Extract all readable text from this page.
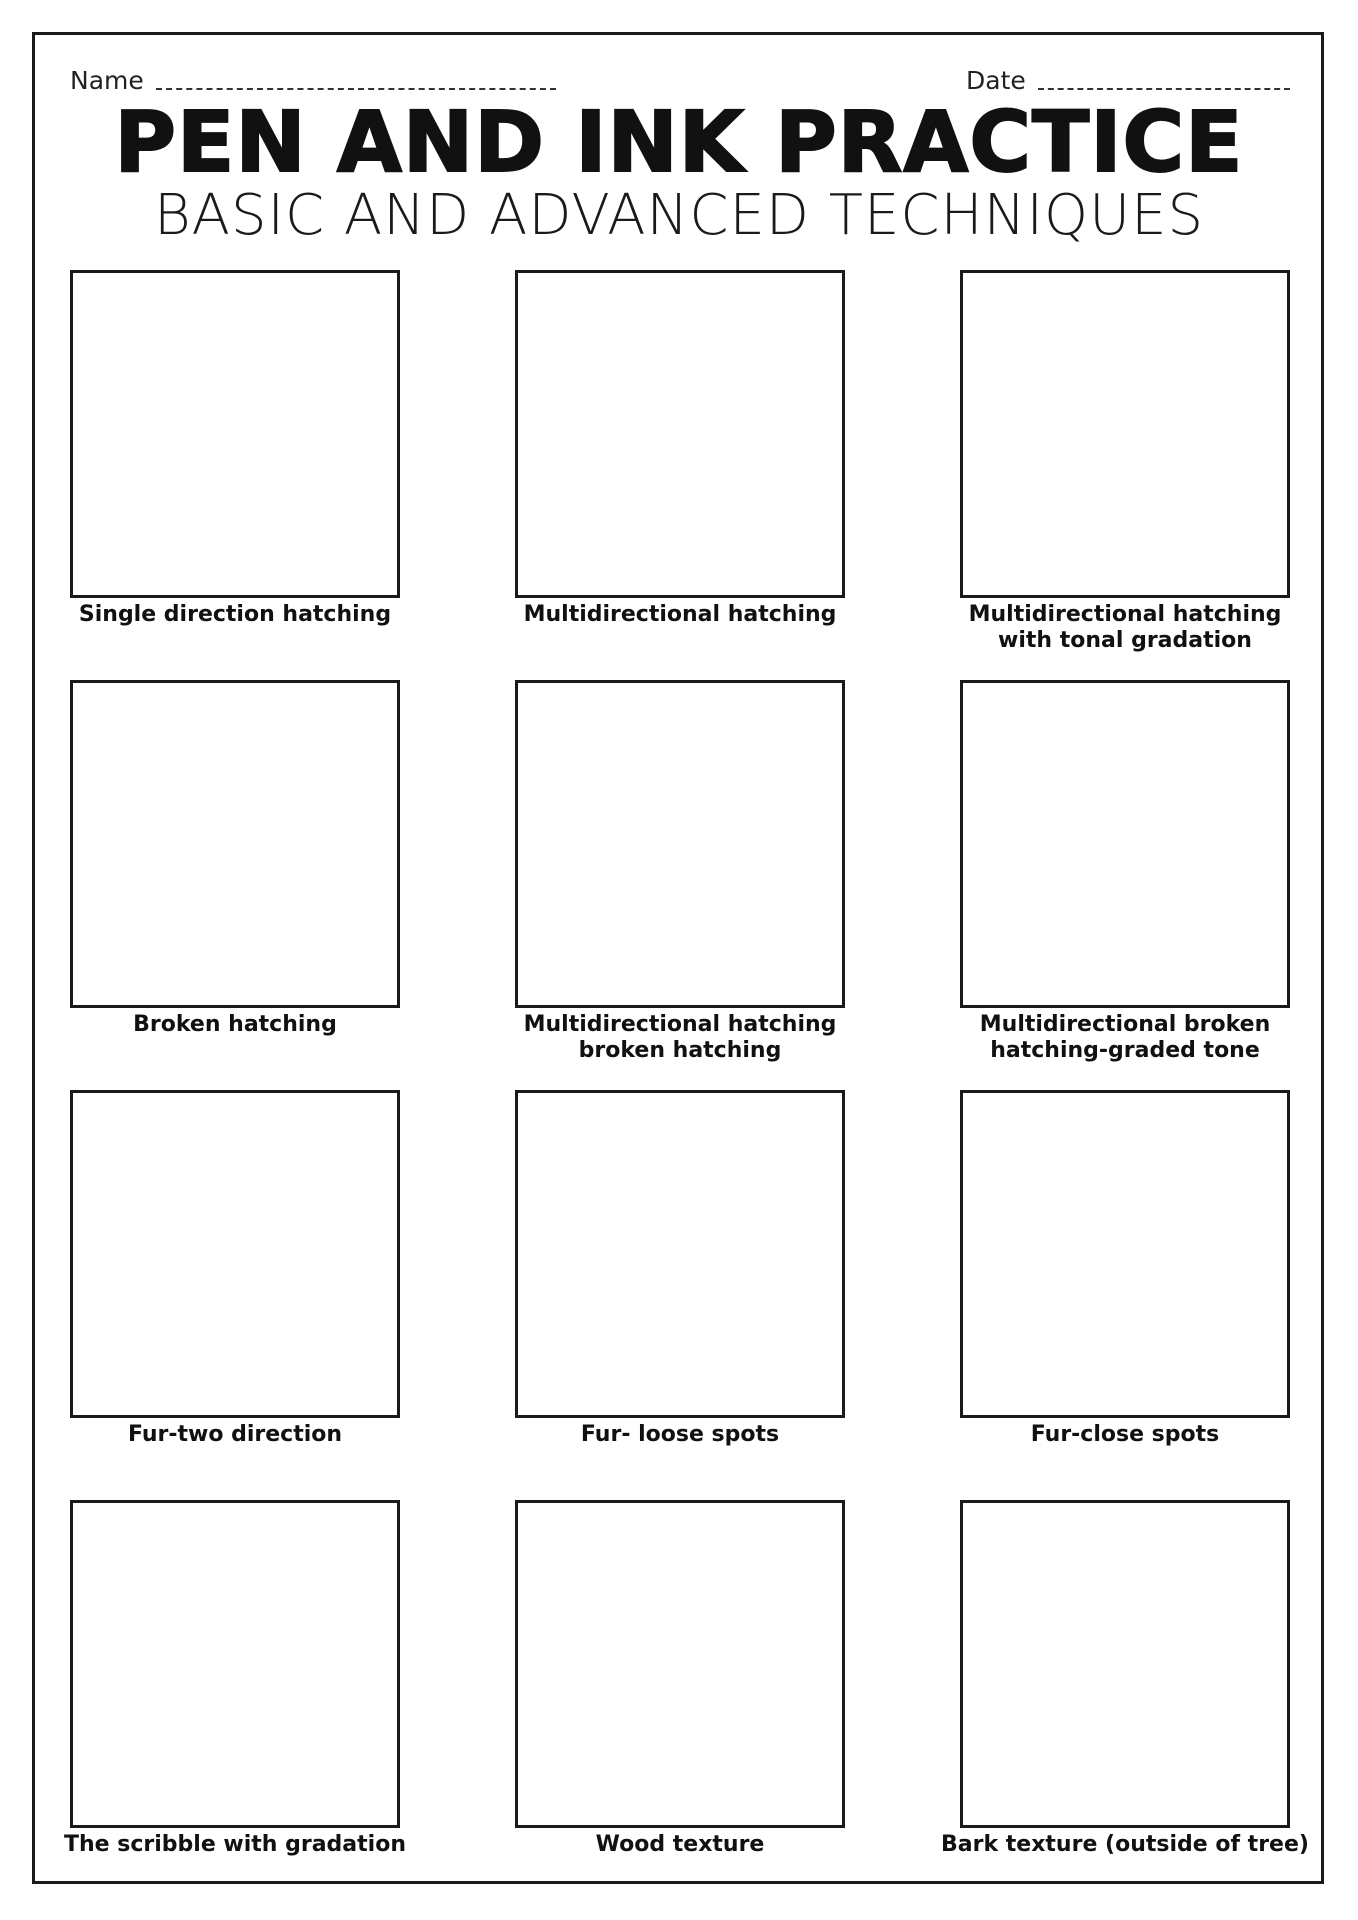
Name	Date
PEN AND INK PRACTICE
BASIC AND ADVANCED TECHNIQUES
Single direction hatching	Multidirectional hatching	Multidirectional hatching
with tonal gradation
Broken hatching	Multidirectional hatching
broken hatching
Multidirectional broken
hatching-graded tone
Fur-two direction	Fur- loose spots	Fur-close spots
The scribble with gradation	Wood texture	Bark texture (outside of tree)
